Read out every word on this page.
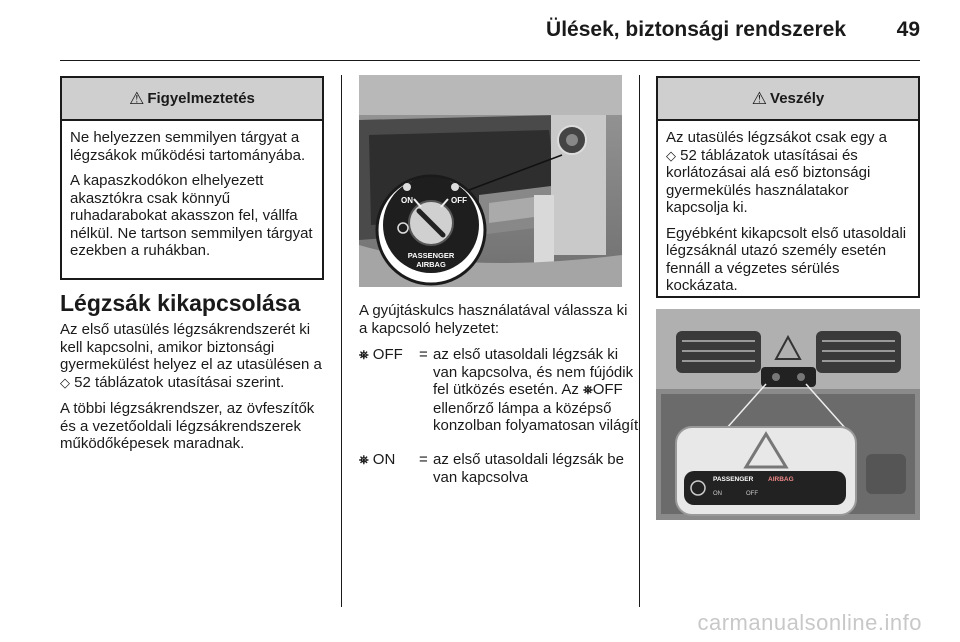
Ülések, biztonsági rendszerek 49
⚠ Figyelmeztetés

Ne helyezzen semmilyen tárgyat a légzsákok működési tartományába.

A kapaszkodókon elhelyezett akasztókra csak könnyű ruhadarabokat akasszon fel, vállfa nélkül. Ne tartson semmilyen tárgyat ezekben a ruhákban.

Légzsák kikapcsolása

Az első utasülés légzsákrendszerét ki kell kapcsolni, amikor biztonsági gyermekülést helyez el az utasülésen a ◇ 52 táblázatok utasításai szerint.

A többi légzsákrendszer, az övfeszítők és a vezetőoldali légzsákrendszerek működőképesek maradnak.

ON	OFF
PASSENGER
AIRBAG
A gyújtáskulcs használatával válassza ki a kapcsoló helyzetet:
⛯ OFF = az első utasoldali légzsák ki van kapcsolva, és nem fújódik fel ütközés esetén. Az ⛯OFF ellenőrző lámpa a középső konzolban folyamatosan világít
⛯ ON = az első utasoldali légzsák be van kapcsolva
⚠ Veszély

Az utasülés légzsákot csak egy a
◇ 52 táblázatok utasításai és korlátozásai alá eső biztonsági gyermekülés használatakor kapcsolja ki.

Egyébként kikapcsolt első utasoldali légzsáknál utazó személy esetén fennáll a végzetes sérülés kockázata.

PASSENGER AIRBAG
ON	OFF
carmanualsonline.info
